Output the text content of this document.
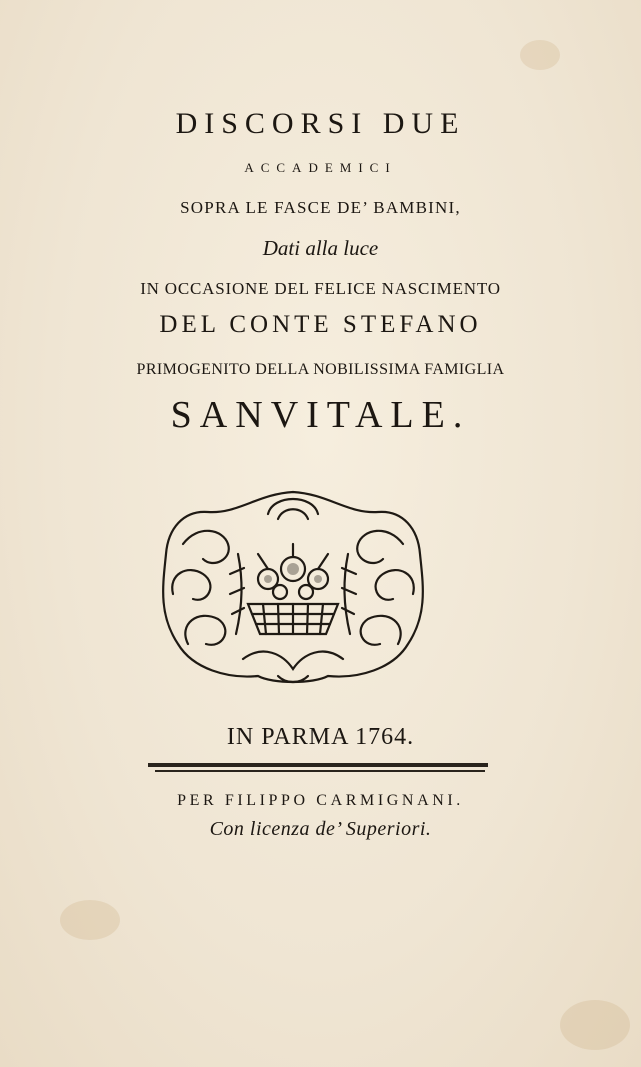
DISCORSI DUE
ACCADEMICI
SOPRA LE FASCE DE’ BAMBINI,
Dati alla luce
IN OCCASIONE DEL FELICE NASCIMENTO
DEL CONTE STEFANO
PRIMOGENITO DELLA NOBILISSIMA FAMIGLIA
SANVITALE.
IN PARMA 1764.
PER FILIPPO CARMIGNANI.
Con licenza de’ Superiori.
